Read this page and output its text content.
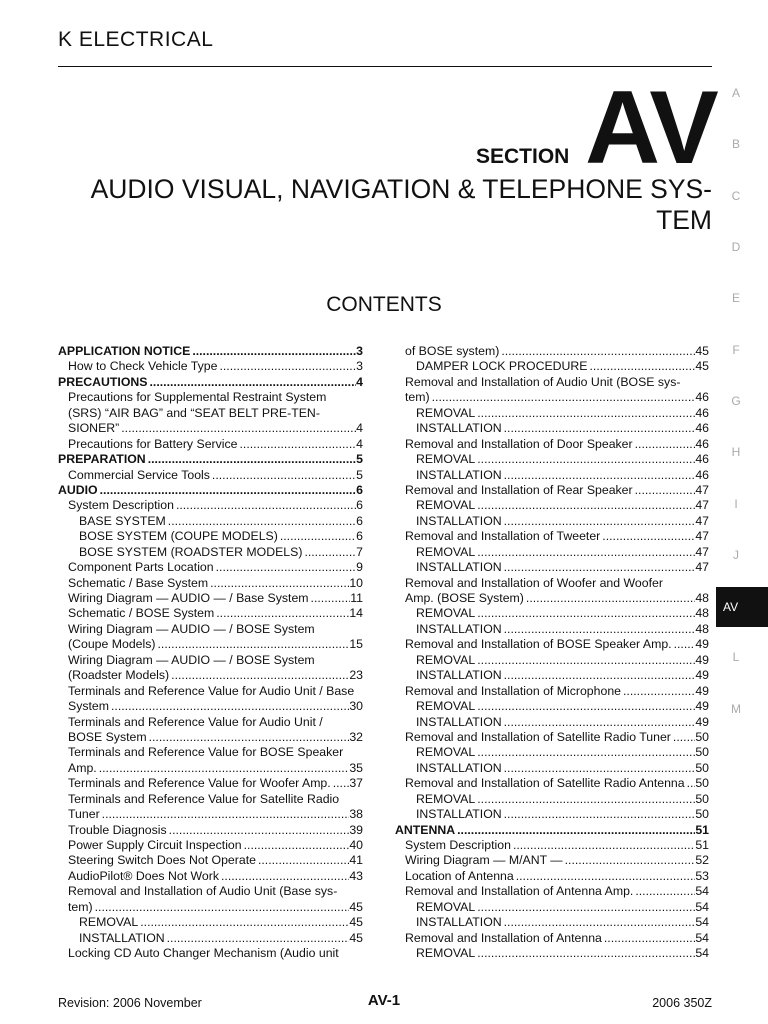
K ELECTRICAL
SECTION AV
AUDIO VISUAL, NAVIGATION & TELEPHONE SYS-
TEM
CONTENTS
APPLICATION NOTICE .....	3
How to Check Vehicle Type .....	3
PRECAUTIONS .....	4
Precautions for Supplemental Restraint System
(SRS) “AIR BAG” and “SEAT BELT PRE-TEN-
SIONER” .....	4
Precautions for Battery Service .....	4
PREPARATION .....	5
Commercial Service Tools .....	5
AUDIO .....	6
System Description .....	6
BASE SYSTEM .....	6
BOSE SYSTEM (COUPE MODELS) .....	6
BOSE SYSTEM (ROADSTER MODELS) .....	7
Component Parts Location .....	9
Schematic / Base System .....	10
Wiring Diagram — AUDIO — / Base System .....	11
Schematic / BOSE System .....	14
Wiring Diagram — AUDIO — / BOSE System
(Coupe Models) .....	15
Wiring Diagram — AUDIO — / BOSE System
(Roadster Models) .....	23
Terminals and Reference Value for Audio Unit / Base
System .....	30
Terminals and Reference Value for Audio Unit /
BOSE System .....	32
Terminals and Reference Value for BOSE Speaker
Amp. .....	35
Terminals and Reference Value for Woofer Amp. ..... 37
Terminals and Reference Value for Satellite Radio
Tuner .....	38
Trouble Diagnosis .....	39
Power Supply Circuit Inspection .....	40
Steering Switch Does Not Operate .....	41
AudioPilot® Does Not Work .....	43
Removal and Installation of Audio Unit (Base sys-
tem) .....	45
REMOVAL .....	45
INSTALLATION .....	45
Locking CD Auto Changer Mechanism (Audio unit
of BOSE system) .....	45
DAMPER LOCK PROCEDURE .....	45
Removal and Installation of Audio Unit (BOSE sys-
tem) .....	46
REMOVAL .....	46
INSTALLATION .....	46
Removal and Installation of Door Speaker .....	46
REMOVAL .....	46
INSTALLATION .....	46
Removal and Installation of Rear Speaker .....	47
REMOVAL .....	47
INSTALLATION .....	47
Removal and Installation of Tweeter .....	47
REMOVAL .....	47
INSTALLATION .....	47
Removal and Installation of Woofer and Woofer
Amp. (BOSE System) .....	48
REMOVAL .....	48
INSTALLATION .....	48
Removal and Installation of BOSE Speaker Amp. ..... 49
REMOVAL .....	49
INSTALLATION .....	49
Removal and Installation of Microphone .....	49
REMOVAL .....	49
INSTALLATION .....	49
Removal and Installation of Satellite Radio Tuner ..... 50
REMOVAL .....	50
INSTALLATION .....	50
Removal and Installation of Satellite Radio Antenna ..... 50
REMOVAL .....	50
INSTALLATION .....	50
ANTENNA .....	51
System Description .....	51
Wiring Diagram — M/ANT — .....	52
Location of Antenna .....	53
Removal and Installation of Antenna Amp. .....	54
REMOVAL .....	54
INSTALLATION .....	54
Removal and Installation of Antenna .....	54
REMOVAL .....	54
A
B
C
D
E
F
G
H
I
J
AV
L
M
Revision: 2006 November	AV-1	2006 350Z
